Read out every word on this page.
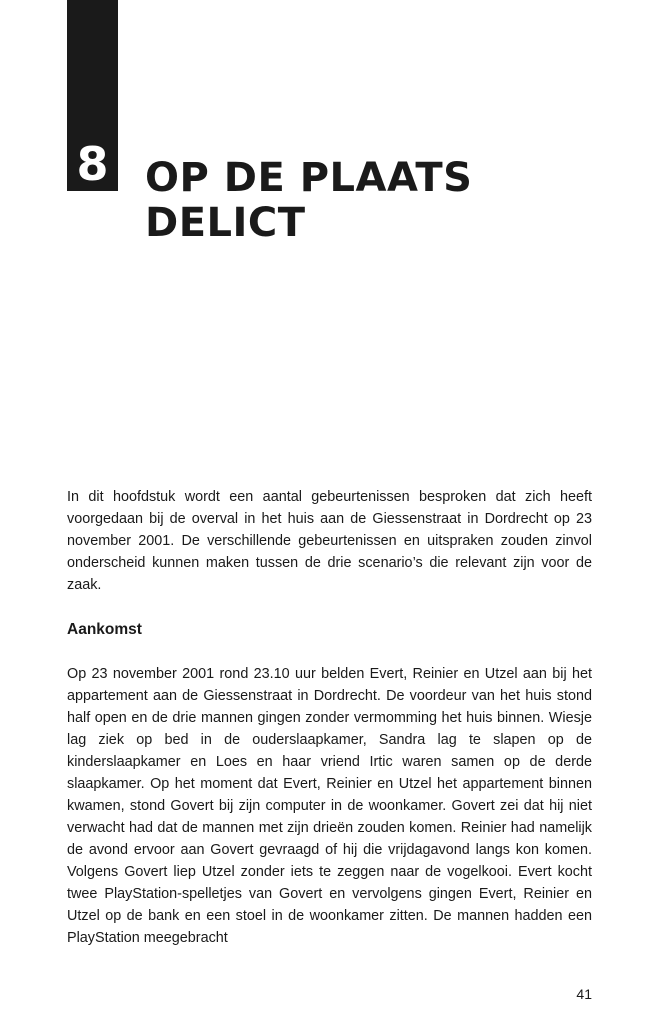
8 OP DE PLAATS
DELICT

In dit hoofdstuk wordt een aantal gebeurtenissen besproken dat zich heeft voorgedaan bij de overval in het huis aan de Giessenstraat in Dordrecht op 23 november 2001. De verschillende gebeurtenissen en uitspraken zouden zinvol onderscheid kunnen maken tussen de drie scenario’s die relevant zijn voor de zaak.

Aankomst

Op 23 november 2001 rond 23.10 uur belden Evert, Reinier en Utzel aan bij het appartement aan de Giessenstraat in Dordrecht. De voordeur van het huis stond half open en de drie mannen gingen zonder vermomming het huis binnen. Wiesje lag ziek op bed in de ouderslaapkamer, Sandra lag te slapen op de kinderslaapkamer en Loes en haar vriend Irtic waren samen op de derde slaapkamer. Op het moment dat Evert, Reinier en Utzel het appartement binnen kwamen, stond Govert bij zijn computer in de woonkamer. Govert zei dat hij niet verwacht had dat de mannen met zijn drieën zouden komen. Reinier had namelijk de avond ervoor aan Govert gevraagd of hij die vrijdagavond langs kon komen. Volgens Govert liep Utzel zonder iets te zeggen naar de vogelkooi. Evert kocht twee PlayStation-spelletjes van Govert en vervolgens gingen Evert, Reinier en Utzel op de bank en een stoel in de woonkamer zitten. De mannen hadden een PlayStation meegebracht

41
